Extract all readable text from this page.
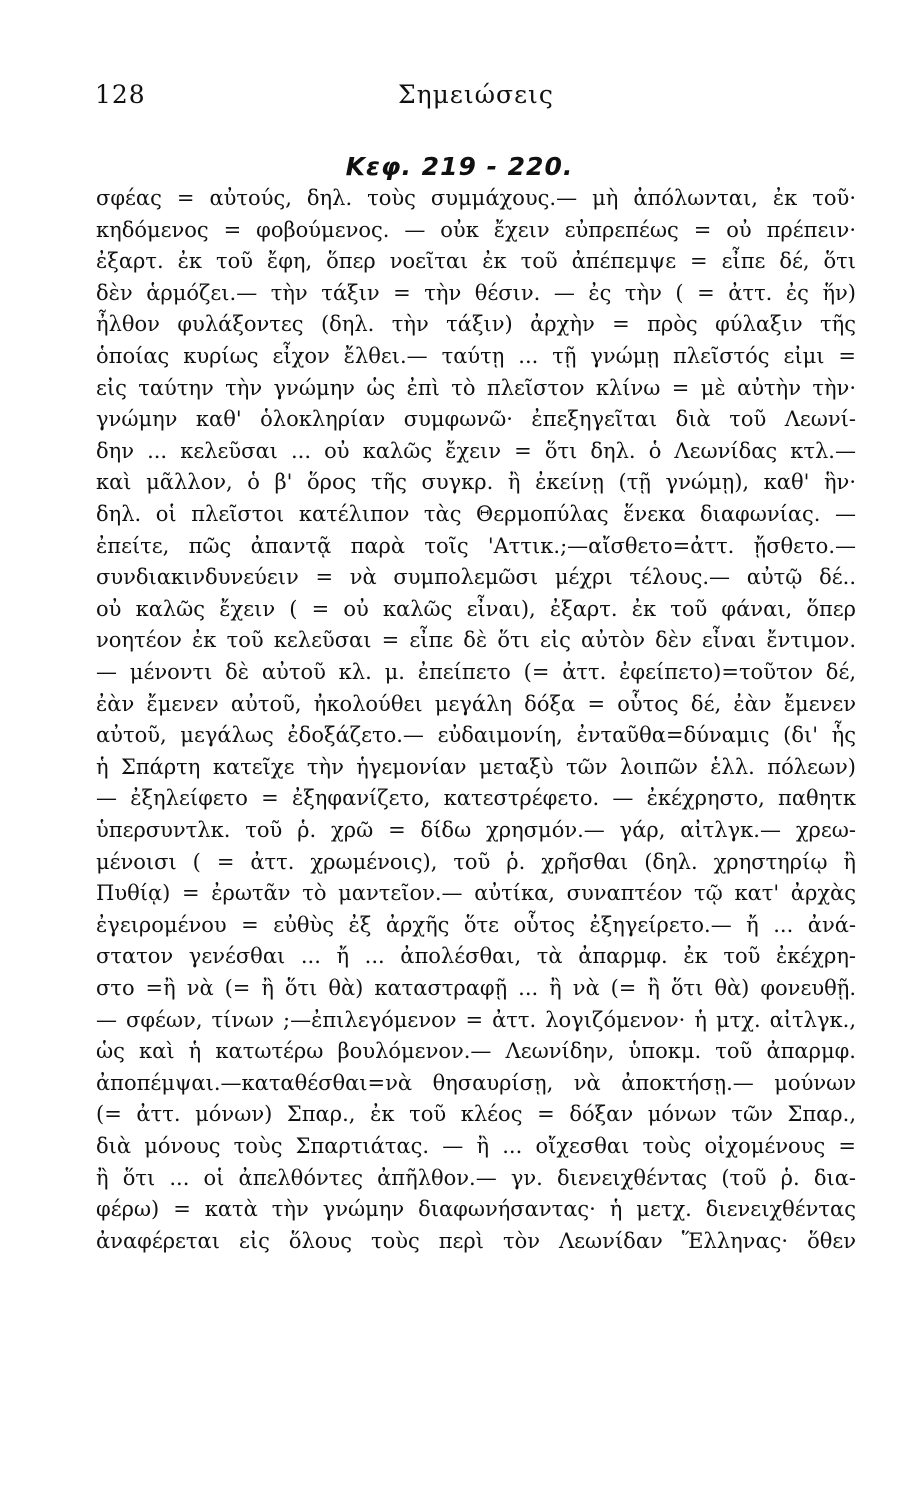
128	Σημειώσεις
Κεφ. 219 - 220.
σφέας = αὐτούς, δηλ. τοὺς συμμάχους.— μὴ ἀπόλωνται, ἐκ τοῦ·
κηδόμενος = φοβούμενος. — οὐκ ἔχειν εὐπρεπέως = οὐ πρέπειν·
ἐξαρτ. ἐκ τοῦ ἔφη, ὅπερ νοεῖται ἐκ τοῦ ἀπέπεμψε = εἶπε δέ, ὅτι
δὲν ἁρμόζει.— τὴν τάξιν = τὴν θέσιν. — ἐς τὴν ( = ἀττ. ἐς ἥν)
ἦλθον φυλάξοντες (δηλ. τὴν τάξιν) ἀρχὴν = πρὸς φύλαξιν τῆς
ὁποίας κυρίως εἶχον ἔλθει.— ταύτῃ ... τῇ γνώμῃ πλεῖστός εἰμι =
εἰς ταύτην τὴν γνώμην ὡς ἐπὶ τὸ πλεῖστον κλίνω = μὲ αὐτὴν τὴν·
γνώμην καθ' ὁλοκληρίαν συμφωνῶ· ἐπεξηγεῖται διὰ τοῦ Λεωνί-
δην ... κελεῦσαι ... οὐ καλῶς ἔχειν = ὅτι δηλ. ὁ Λεωνίδας κτλ.—
καὶ μᾶλλον, ὁ β' ὅρος τῆς συγκρ. ἢ ἐκείνῃ (τῇ γνώμῃ), καθ' ἣν·
δηλ. οἱ πλεῖστοι κατέλιπον τὰς Θερμοπύλας ἕνεκα διαφωνίας. —
ἐπείτε, πῶς ἀπαντᾷ παρὰ τοῖς 'Αττικ.;—αἴσθετο=ἀττ. ᾔσθετο.—
συνδιακινδυνεύειν = νὰ συμπολεμῶσι μέχρι τέλους.— αὐτῷ δέ..
οὐ καλῶς ἔχειν ( = οὐ καλῶς εἶναι), ἐξαρτ. ἐκ τοῦ φάναι, ὅπερ
νοητέον ἐκ τοῦ κελεῦσαι = εἶπε δὲ ὅτι εἰς αὐτὸν δὲν εἶναι ἔντιμον.
— μένοντι δὲ αὐτοῦ κλ. μ. ἐπείπετο (= ἀττ. ἐφείπετο)=τοῦτον δέ,
ἐὰν ἔμενεν αὐτοῦ, ἠκολούθει μεγάλη δόξα = οὗτος δέ, ἐὰν ἔμενεν
αὐτοῦ, μεγάλως ἐδοξάζετο.— εὐδαιμονίη, ἐνταῦθα=δύναμις (δι' ἧς
ἡ Σπάρτη κατεῖχε τὴν ἡγεμονίαν μεταξὺ τῶν λοιπῶν ἑλλ. πόλεων)
— ἐξηλείφετο = ἐξηφανίζετο, κατεστρέφετο. — ἐκέχρηστο, παθητκ
ὑπερσυντλκ. τοῦ ῥ. χρῶ = δίδω χρησμόν.— γάρ, αἰτλγκ.— χρεω-
μένοισι ( = ἀττ. χρωμένοις), τοῦ ῥ. χρῆσθαι (δηλ. χρηστηρίῳ ἢ
Πυθίᾳ) = ἐρωτᾶν τὸ μαντεῖον.— αὐτίκα, συναπτέον τῷ κατ' ἀρχὰς
ἐγειρομένου = εὐθὺς ἐξ ἀρχῆς ὅτε οὗτος ἐξηγείρετο.— ἤ ... ἀνά-
στατον γενέσθαι ... ἤ ... ἀπολέσθαι, τὰ ἀπαρμφ. ἐκ τοῦ ἐκέχρη-
στο =ἢ νὰ (= ἢ ὅτι θὰ) καταστραφῇ ... ἢ νὰ (= ἢ ὅτι θὰ) φονευθῇ.
— σφέων, τίνων ;—ἐπιλεγόμενον = ἀττ. λογιζόμενον· ἡ μτχ. αἰτλγκ.,
ὡς καὶ ἡ κατωτέρω βουλόμενον.— Λεωνίδην, ὑποκμ. τοῦ ἀπαρμφ.
ἀποπέμψαι.—καταθέσθαι=νὰ θησαυρίσῃ, νὰ ἀποκτήσῃ.— μούνων
(= ἀττ. μόνων) Σπαρ., ἐκ τοῦ κλέος = δόξαν μόνων τῶν Σπαρ.,
διὰ μόνους τοὺς Σπαρτιάτας. — ἢ ... οἴχεσθαι τοὺς οἰχομένους =
ἢ ὅτι ... οἱ ἀπελθόντες ἀπῆλθον.— γν. διενειχθέντας (τοῦ ῥ. δια-
φέρω) = κατὰ τὴν γνώμην διαφωνήσαντας· ἡ μετχ. διενειχθέντας
ἀναφέρεται εἰς ὅλους τοὺς περὶ τὸν Λεωνίδαν Ἕλληνας· ὅθεν
